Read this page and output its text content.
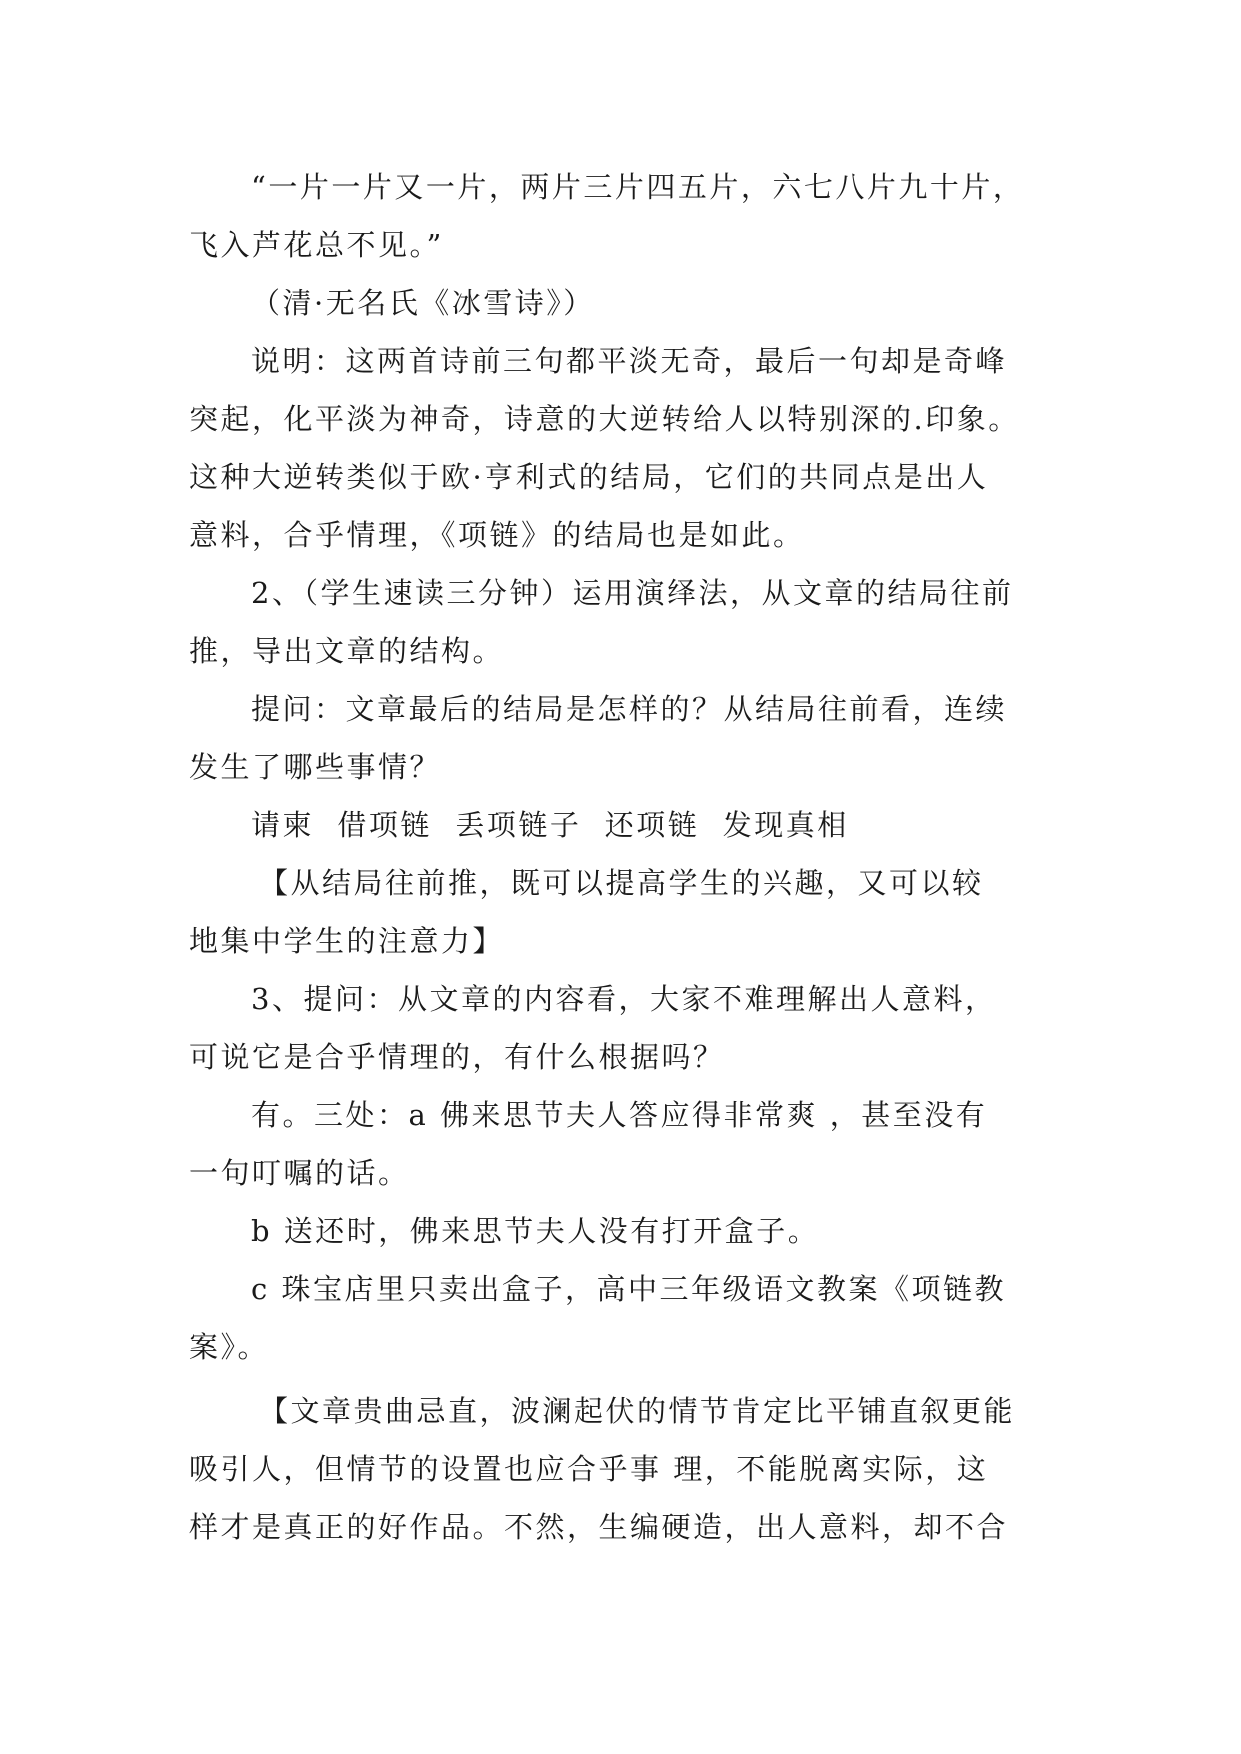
“一片一片又一片，两片三片四五片，六七八片九十片，
飞入芦花总不见。”
（清·无名氏《冰雪诗》）
说明：这两首诗前三句都平淡无奇，最后一句却是奇峰
突起，化平淡为神奇，诗意的大逆转给人以特别深的.印象。
这种大逆转类似于欧·亨利式的结局，它们的共同点是出人
意料，合乎情理，《项链》的结局也是如此。
2、（学生速读三分钟）运用演绎法，从文章的结局往前
推，导出文章的结构。
提问：文章最后的结局是怎样的？从结局往前看，连续
发生了哪些事情？
请柬  借项链  丢项链子  还项链  发现真相
【从结局往前推，既可以提高学生的兴趣，又可以较
地集中学生的注意力】
3、提问：从文章的内容看，大家不难理解出人意料，
可说它是合乎情理的，有什么根据吗？
有。三处：a 佛来思节夫人答应得非常爽 ，甚至没有
一句叮嘱的话。
b 送还时，佛来思节夫人没有打开盒子。
c 珠宝店里只卖出盒子，高中三年级语文教案《项链教
案》。
【文章贵曲忌直，波澜起伏的情节肯定比平铺直叙更能
吸引人，但情节的设置也应合乎事 理，不能脱离实际，这
样才是真正的好作品。不然，生编硬造，出人意料，却不合
